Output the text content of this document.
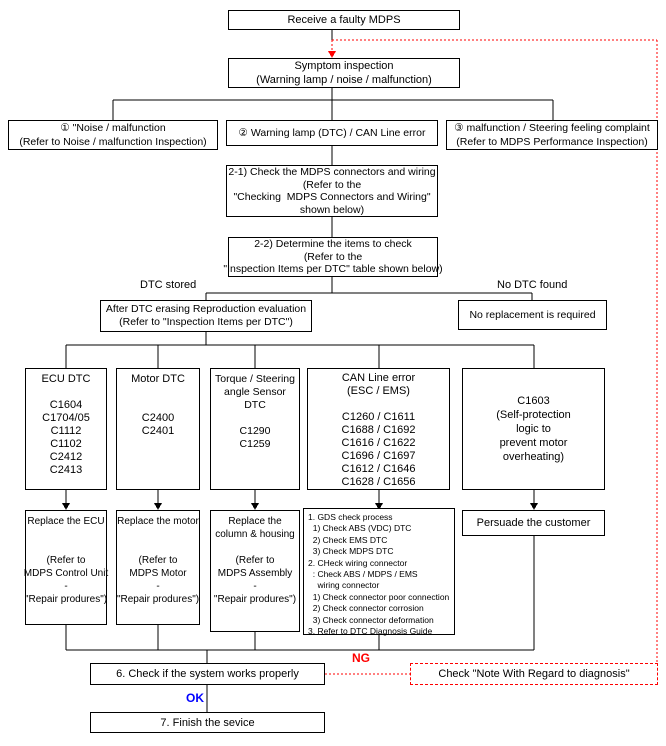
Receive a faulty MDPS
Symptom inspection
(Warning lamp / noise / malfunction)
① "Noise / malfunction
(Refer to Noise / malfunction Inspection)
② Warning lamp (DTC) / CAN Line error	③ malfunction / Steering feeling complaint
(Refer to MDPS Performance Inspection)
2-1) Check the MDPS connectors and wiring
(Refer to the
"Checking  MDPS Connectors and Wiring"
shown below)
2-2) Determine the items to check
(Refer to the
"Inspection Items per DTC" table shown below)
DTC stored	No DTC found
After DTC erasing Reproduction evaluation
(Refer to "Inspection Items per DTC")
No replacement is required
ECU DTC
C1604
C1704/05
C1112
C1102
C2412
C2413
Motor DTC
C2400
C2401
Torque / Steering
angle Sensor
DTC
C1290
C1259
CAN Line error
(ESC / EMS)
C1260 / C1611
C1688 / C1692
C1616 / C1622
C1696 / C1697
C1612 / C1646
C1628 / C1656
C1603
(Self-protection
logic to
prevent motor
overheating)
Replace the ECU
(Refer to
MDPS Control Unit
-
"Repair produres")
Replace the motor
(Refer to
MDPS Motor
-
"Repair produres")
Replace the
column & housing
(Refer to
MDPS Assembly
-
"Repair produres")
1. GDS check process
1) Check ABS (VDC) DTC
2) Check EMS DTC
3) Check MDPS DTC
2. CHeck wiring connector
: Check ABS / MDPS / EMS
wiring connector
1) Check connector poor connection
2) Check connector corrosion
3) Check connector deformation
3. Refer to DTC Diagnosis Guide
Persuade the customer
6. Check if the system works properly
NG
Check "Note With Regard to diagnosis"
OK
7. Finish the sevice
